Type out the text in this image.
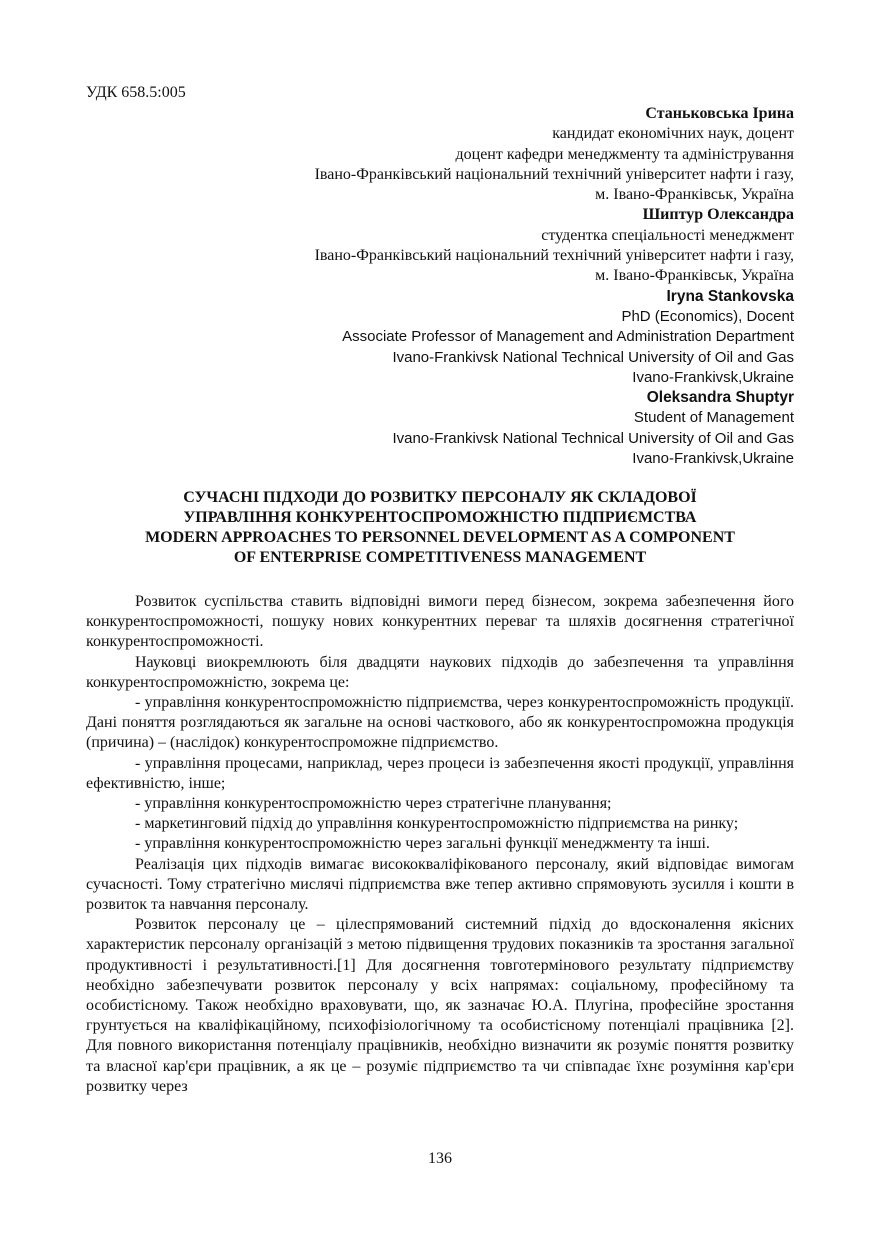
УДК 658.5:005
Станьковська Ірина
кандидат економічних наук, доцент
доцент кафедри менеджменту та адміністрування
Івано-Франківський національний технічний університет нафти і газу,
м. Івано-Франківськ, Україна
Шиптур Олександра
студентка спеціальності менеджмент
Івано-Франківський національний технічний університет нафти і газу,
м. Івано-Франківськ, Україна
Iryna Stankovska
PhD (Economics), Docent
Associate Professor of Management and Administration Department
Ivano-Frankivsk National Technical University of Oil and Gas
Ivano-Frankivsk,Ukraine
Oleksandra Shuptyr
Student of Management
Ivano-Frankivsk National Technical University of Oil and Gas
Ivano-Frankivsk,Ukraine
СУЧАСНІ ПІДХОДИ ДО РОЗВИТКУ ПЕРСОНАЛУ ЯК СКЛАДОВОЇ
УПРАВЛІННЯ КОНКУРЕНТОСПРОМОЖНІСТЮ ПІДПРИЄМСТВА
MODERN APPROACHES TO PERSONNEL DEVELOPMENT AS A COMPONENT
OF ENTERPRISE COMPETITIVENESS MANAGEMENT

Розвиток суспільства ставить відповідні вимоги перед бізнесом, зокрема забезпечення його конкурентоспроможності, пошуку нових конкурентних переваг та шляхів досягнення стратегічної конкурентоспроможності.

Науковці виокремлюють біля двадцяти наукових підходів до забезпечення та управління конкурентоспроможністю, зокрема це:

- управління конкурентоспроможністю підприємства, через конкурентоспроможність продукції. Дані поняття розглядаються як загальне на основі часткового, або як конкурентоспроможна продукція (причина) – (наслідок) конкурентоспроможне підприємство.

- управління процесами, наприклад, через процеси із забезпечення якості продукції, управління ефективністю, інше;

- управління конкурентоспроможністю через стратегічне планування;

- маркетинговий підхід до управління конкурентоспроможністю підприємства на ринку;

- управління конкурентоспроможністю через загальні функції менеджменту та інші.

Реалізація цих підходів вимагає висококваліфікованого персоналу, який відповідає вимогам сучасності. Тому стратегічно мислячі підприємства вже тепер активно спрямовують зусилля і кошти в розвиток та навчання персоналу.

Розвиток персоналу це – цілеспрямований системний підхід до вдосконалення якісних характеристик персоналу організацій з метою підвищення трудових показників та зростання загальної продуктивності і результативності.[1] Для досягнення товготермінового результату підприємству необхідно забезпечувати розвиток персоналу у всіх напрямах: соціальному, професійному та особистісному. Також необхідно враховувати, що, як зазначає Ю.А. Плугіна, професійне зростання грунтується на кваліфікаційному, психофізіологічному та особистісному потенціалі працівника [2]. Для повного використання потенціалу працівників, необхідно визначити як розуміє поняття розвитку та власної кар'єри працівник, а як це – розуміє підприємство та чи співпадає їхнє розуміння кар'єри розвитку через

136
